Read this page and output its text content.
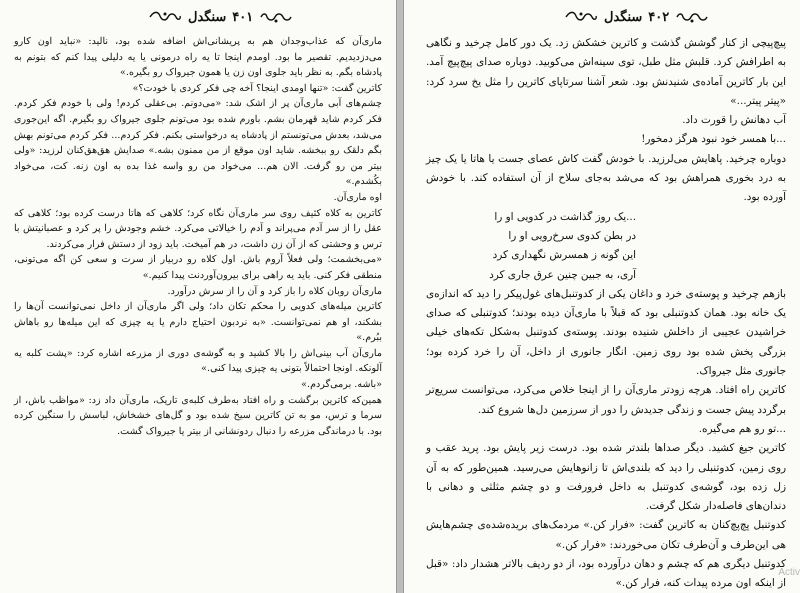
سنگدل ۴۰۱

ماری‌آن که عذاب‌وجدان هم به پریشانی‌اش اضافه شده بود، نالید: «نباید اون کارو می‌دزدیدیم. تقصیر ما بود. اومدم اینجا تا یه راه درمونی یا یه دلیلی پیدا کنم که بتونم به پادشاه بگم. به نظر باید جلوی اون زن یا همون جیرواک رو بگیره.»

کاترین گفت: «تنها اومدی اینجا؟ آخه چی فکر کردی با خودت؟»

چشم‌های آبی ماری‌آن پر از اشک شد: «می‌دونم. بی‌عقلی کردم! ولی با خودم فکر کردم. فکر کردم شاید قهرمان بشم. باورم شده بود می‌تونم جلوی جیرواک رو بگیرم. اگه این‌جوری می‌شد، بعدش می‌تونستم از پادشاه یه درخواستی بکنم. فکر کردم... فکر کردم می‌تونم بهش بگم دلقک رو ببخشه. شاید اون موقع از من ممنون بشه.» صدایش هق‌هق‌کنان لرزید: «ولی بیتر من رو گرفت. الان هم... می‌خواد من رو واسه غذا بده به اون زنه. کت، می‌خواد بکُشدم.»

اوه ماری‌آن.

کاترین به کلاه کثیف روی سر ماری‌آن نگاه کرد؛ کلاهی که هاتا درست کرده بود؛ کلاهی که عقل را از سر آدم می‌پراند و آدم را خیالاتی می‌کرد. خشم وجودش را پر کرد و عصبانیتش با ترس و وحشتی که از آن زن داشت، در هم آمیخت. باید زود از دستش فرار می‌کردند.

«می‌بخشمت؛ ولی فعلاً آروم باش. اول کلاه رو دربیار از سرت و سعی کن اگه می‌تونی، منطقی فکر کنی. باید یه راهی برای بیرون‌آوردنت پیدا کنیم.»

ماری‌آن روبان کلاه را باز کرد و آن را از سرش درآورد.

کاترین میله‌های کدویی را محکم تکان داد؛ ولی اگر ماری‌آن از داخل نمی‌توانست آن‌ها را بشکند، او هم نمی‌توانست. «به نردبون احتیاج دارم یا یه چیزی که این میله‌ها رو باهاش ببُرم.»

ماری‌آن آب بینی‌اش را بالا کشید و به گوشه‌ی دوری از مزرعه اشاره کرد: «پشت کلبه یه آلونکه. اونجا احتمالاً بتونی یه چیزی پیدا کنی.»

«باشه. برمی‌گردم.»

همین‌که کاترین برگشت و راه افتاد به‌طرف کلبه‌ی تاریک، ماری‌آن داد زد: «مواظب باش، از سرما و ترس، مو به تن کاترین سیخ شده بود و گل‌های خشخاش، لباسش را سنگین کرده بود. با درماندگی مزرعه را دنبال ردونشانی از بیتر یا جیرواک گشت.

سنگدل ۴۰۲

پیچ‌پیچی از کنار گوشش گذشت و کاترین خشکش زد. یک دور کامل چرخید و نگاهی به اطرافش کرد. قلبش مثل طبل، توی سینه‌اش می‌کوبید. دوباره صدای پیچ‌پیچ آمد. این بار کاترین آماده‌ی شنیدنش بود. شعر آشنا سرتاپای کاترین را مثل یخ سرد کرد: «پیتر پیتر...»

آب دهانش را قورت داد.

...با همسر خود نبود هرگز دمخور!

دوباره چرخید. پاهایش می‌لرزید. با خودش گفت کاش عصای جست یا هاتا یا یک چیز به درد بخوری همراهش بود که می‌شد به‌جای سلاح از آن استفاده کند. با خودش آورده بود.

...یک روز گذاشت در کدویی او را

در بطن کدوی سرخ‌رویی او را

این گونه ز همسرش نگهداری کرد

آری، به جبین چنین عرق جاری کرد

بازهم چرخید و پوسته‌ی خرد و داغان یکی از کدوتنبل‌های غول‌پیکر را دید که اندازه‌ی یک خانه بود. همان کدوتنبلی بود که قبلاً با ماری‌آن دیده بودند؛ کدوتنبلی که صدای خراشیدن عجیبی از داخلش شنیده بودند. پوسته‌ی کدوتنبل به‌شکل تکه‌های خیلی بزرگی پخش شده بود روی زمین. انگار جانوری از داخل، آن را خرد کرده بود؛ جانوری مثل جیرواک.

کاترین راه افتاد. هرچه زودتر ماری‌آن را از اینجا خلاص می‌کرد، می‌توانست سریع‌تر برگردد پیش جست و زندگی جدیدش را دور از سرزمین دل‌ها شروع کند.

...تو رو هم می‌گیره.

کاترین جیغ کشید. دیگر صداها بلندتر شده بود. درست زیر پایش بود. پرید عقب و روی زمین، کدوتنبلی را دید که بلندی‌اش تا زانوهایش می‌رسید. همین‌طور که به آن زل زده بود، گوشه‌ی کدوتنبل به داخل فرورفت و دو چشم مثلثی و دهانی با دندان‌های فاصله‌دار شکل گرفت.

کدوتنبل پچ‌پچ‌کنان به کاترین گفت: «فرار کن.» مردمک‌های بریده‌شده‌ی چشم‌هایش هی این‌طرف و آن‌طرف تکان می‌خوردند: «فرار کن.»

کدوتنبل دیگری هم که چشم و دهان درآورده بود، از دو ردیف بالاتر هشدار داد: «قبل از اینکه اون مرده پیدات کنه، فرار کن.»

Activ
